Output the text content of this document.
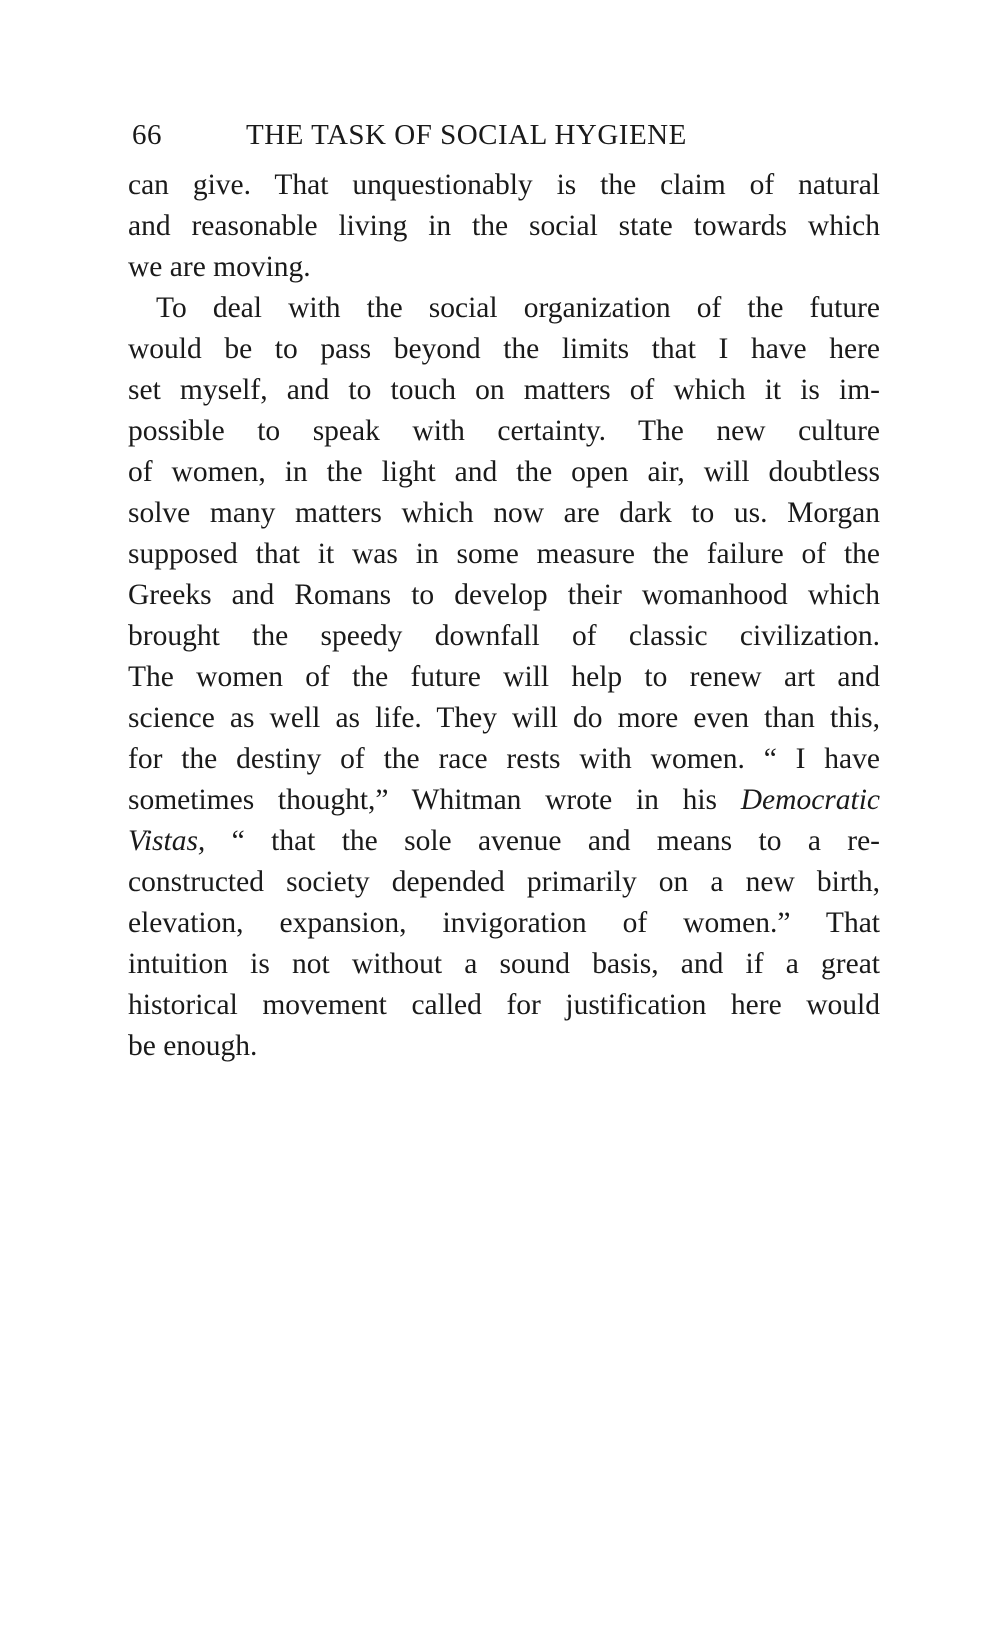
66	THE TASK OF SOCIAL HYGIENE
can give. That unquestionably is the claim of natural
and reasonable living in the social state towards which
we are moving.
To deal with the social organization of the future
would be to pass beyond the limits that I have here
set myself, and to touch on matters of which it is im-
possible to speak with certainty. The new culture
of women, in the light and the open air, will doubtless
solve many matters which now are dark to us. Morgan
supposed that it was in some measure the failure of the
Greeks and Romans to develop their womanhood which
brought the speedy downfall of classic civilization.
The women of the future will help to renew art and
science as well as life. They will do more even than this,
for the destiny of the race rests with women. “ I have
sometimes thought,” Whitman wrote in his Democratic
Vistas, “ that the sole avenue and means to a re-
constructed society depended primarily on a new birth,
elevation, expansion, invigoration of women.” That
intuition is not without a sound basis, and if a great
historical movement called for justification here would
be enough.
